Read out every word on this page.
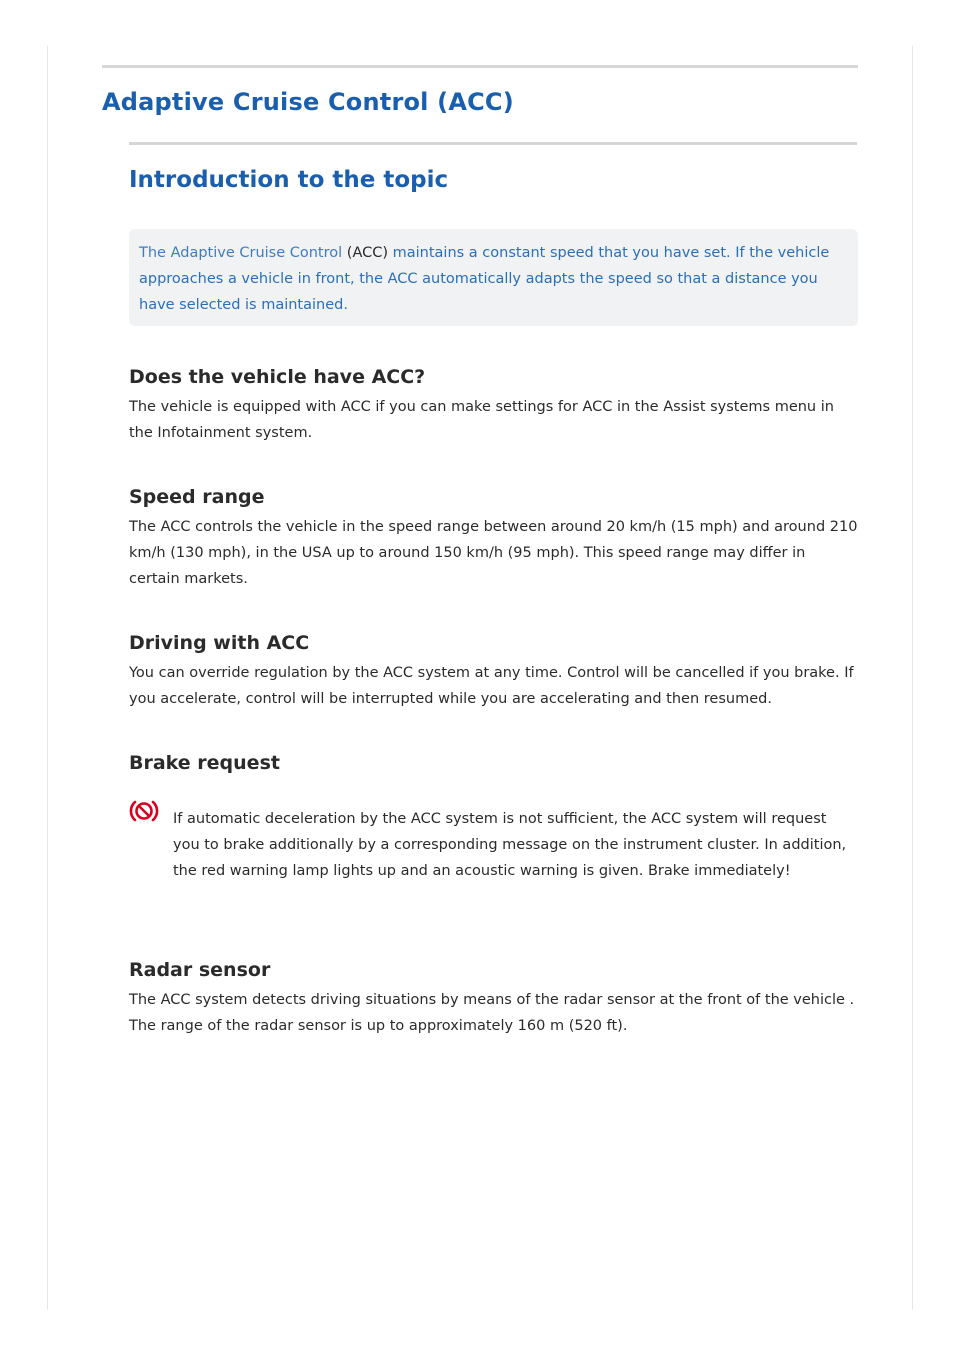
Adaptive Cruise Control (ACC)
Introduction to the topic
The Adaptive Cruise Control (ACC) maintains a constant speed that you have set. If the vehicle approaches a vehicle in front, the ACC automatically adapts the speed so that a distance you have selected is maintained.
Does the vehicle have ACC?

The vehicle is equipped with ACC if you can make settings for ACC in the Assist systems menu in the Infotainment system.

Speed range

The ACC controls the vehicle in the speed range between around 20 km/h (15 mph) and around 210 km/h (130 mph), in the USA up to around 150 km/h (95 mph). This speed range may differ in certain markets.

Driving with ACC

You can override regulation by the ACC system at any time. Control will be cancelled if you brake. If you accelerate, control will be interrupted while you are accelerating and then resumed.

Brake request

If automatic deceleration by the ACC system is not sufficient, the ACC system will request you to brake additionally by a corresponding message on the instrument cluster. In addition, the red warning lamp lights up and an acoustic warning is given. Brake immediately!

Radar sensor

The ACC system detects driving situations by means of the radar sensor at the front of the vehicle . The range of the radar sensor is up to approximately 160 m (520 ft).
